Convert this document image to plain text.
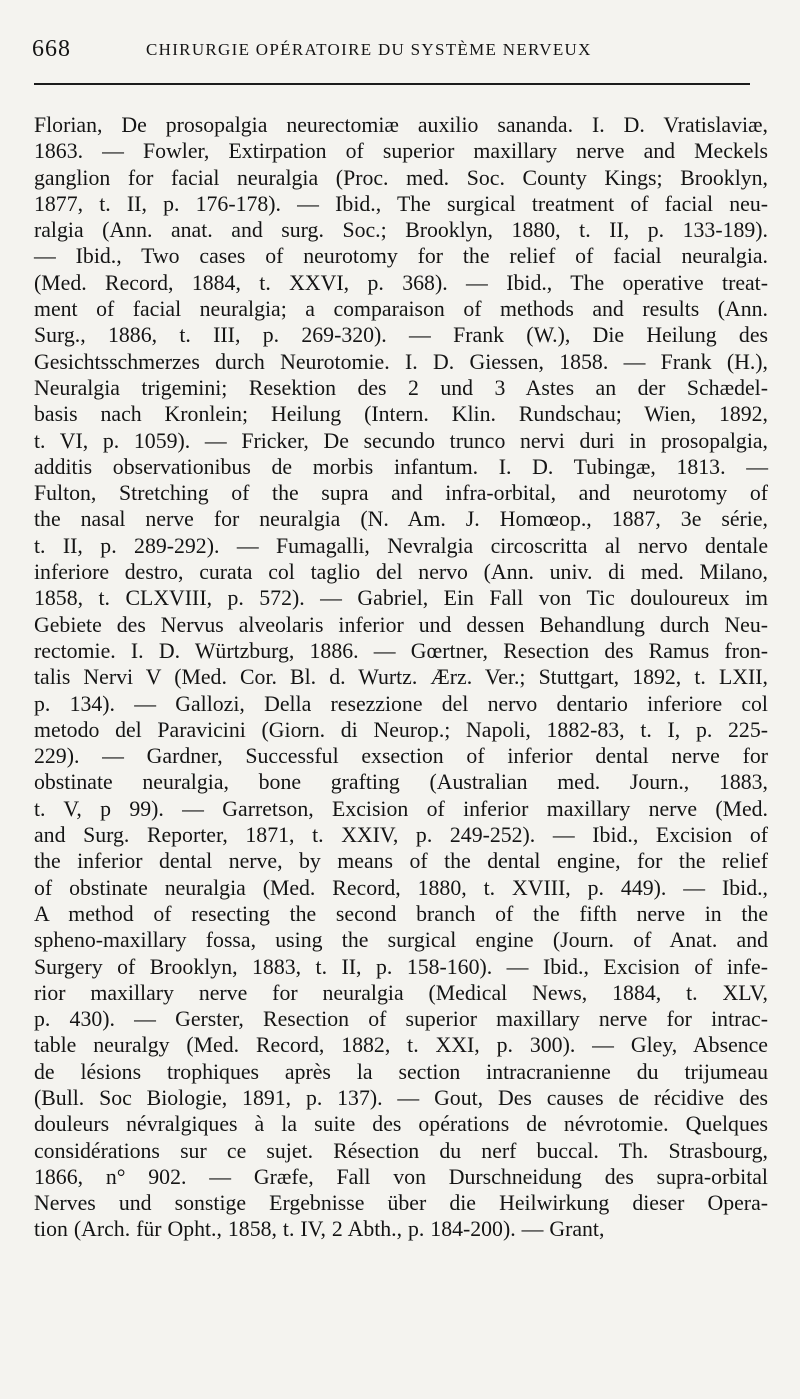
668	CHIRURGIE OPÉRATOIRE DU SYSTÈME NERVEUX
Florian, De prosopalgia neurectomiæ auxilio sananda. I. D. Vratislaviæ,
1863. — Fowler, Extirpation of superior maxillary nerve and Meckels
ganglion for facial neuralgia (Proc. med. Soc. County Kings; Brooklyn,
1877, t. II, p. 176-178). — Ibid., The surgical treatment of facial neu-
ralgia (Ann. anat. and surg. Soc.; Brooklyn, 1880, t. II, p. 133-189).
— Ibid., Two cases of neurotomy for the relief of facial neuralgia.
(Med. Record, 1884, t. XXVI, p. 368). — Ibid., The operative treat-
ment of facial neuralgia; a comparaison of methods and results (Ann.
Surg., 1886, t. III, p. 269-320). — Frank (W.), Die Heilung des
Gesichtsschmerzes durch Neurotomie. I. D. Giessen, 1858. — Frank (H.),
Neuralgia trigemini; Resektion des 2 und 3 Astes an der Schædel-
basis nach Kronlein; Heilung (Intern. Klin. Rundschau; Wien, 1892,
t. VI, p. 1059). — Fricker, De secundo trunco nervi duri in prosopalgia,
additis observationibus de morbis infantum. I. D. Tubingæ, 1813. —
Fulton, Stretching of the supra and infra-orbital, and neurotomy of
the nasal nerve for neuralgia (N. Am. J. Homœop., 1887, 3e série,
t. II, p. 289-292). — Fumagalli, Nevralgia circoscritta al nervo dentale
inferiore destro, curata col taglio del nervo (Ann. univ. di med. Milano,
1858, t. CLXVIII, p. 572). — Gabriel, Ein Fall von Tic douloureux im
Gebiete des Nervus alveolaris inferior und dessen Behandlung durch Neu-
rectomie. I. D. Würtzburg, 1886. — Gœrtner, Resection des Ramus fron-
talis Nervi V (Med. Cor. Bl. d. Wurtz. Ærz. Ver.; Stuttgart, 1892, t. LXII,
p. 134). — Gallozi, Della resezzione del nervo dentario inferiore col
metodo del Paravicini (Giorn. di Neurop.; Napoli, 1882-83, t. I, p. 225-
229). — Gardner, Successful exsection of inferior dental nerve for
obstinate neuralgia, bone grafting (Australian med. Journ., 1883,
t. V, p 99). — Garretson, Excision of inferior maxillary nerve (Med.
and Surg. Reporter, 1871, t. XXIV, p. 249-252). — Ibid., Excision of
the inferior dental nerve, by means of the dental engine, for the relief
of obstinate neuralgia (Med. Record, 1880, t. XVIII, p. 449). — Ibid.,
A method of resecting the second branch of the fifth nerve in the
spheno-maxillary fossa, using the surgical engine (Journ. of Anat. and
Surgery of Brooklyn, 1883, t. II, p. 158-160). — Ibid., Excision of infe-
rior maxillary nerve for neuralgia (Medical News, 1884, t. XLV,
p. 430). — Gerster, Resection of superior maxillary nerve for intrac-
table neuralgy (Med. Record, 1882, t. XXI, p. 300). — Gley, Absence
de lésions trophiques après la section intracranienne du trijumeau
(Bull. Soc Biologie, 1891, p. 137). — Gout, Des causes de récidive des
douleurs névralgiques à la suite des opérations de névrotomie. Quelques
considérations sur ce sujet. Résection du nerf buccal. Th. Strasbourg,
1866, n° 902. — Græfe, Fall von Durschneidung des supra-orbital
Nerves und sonstige Ergebnisse über die Heilwirkung dieser Opera-
tion (Arch. für Opht., 1858, t. IV, 2 Abth., p. 184-200). — Grant,
